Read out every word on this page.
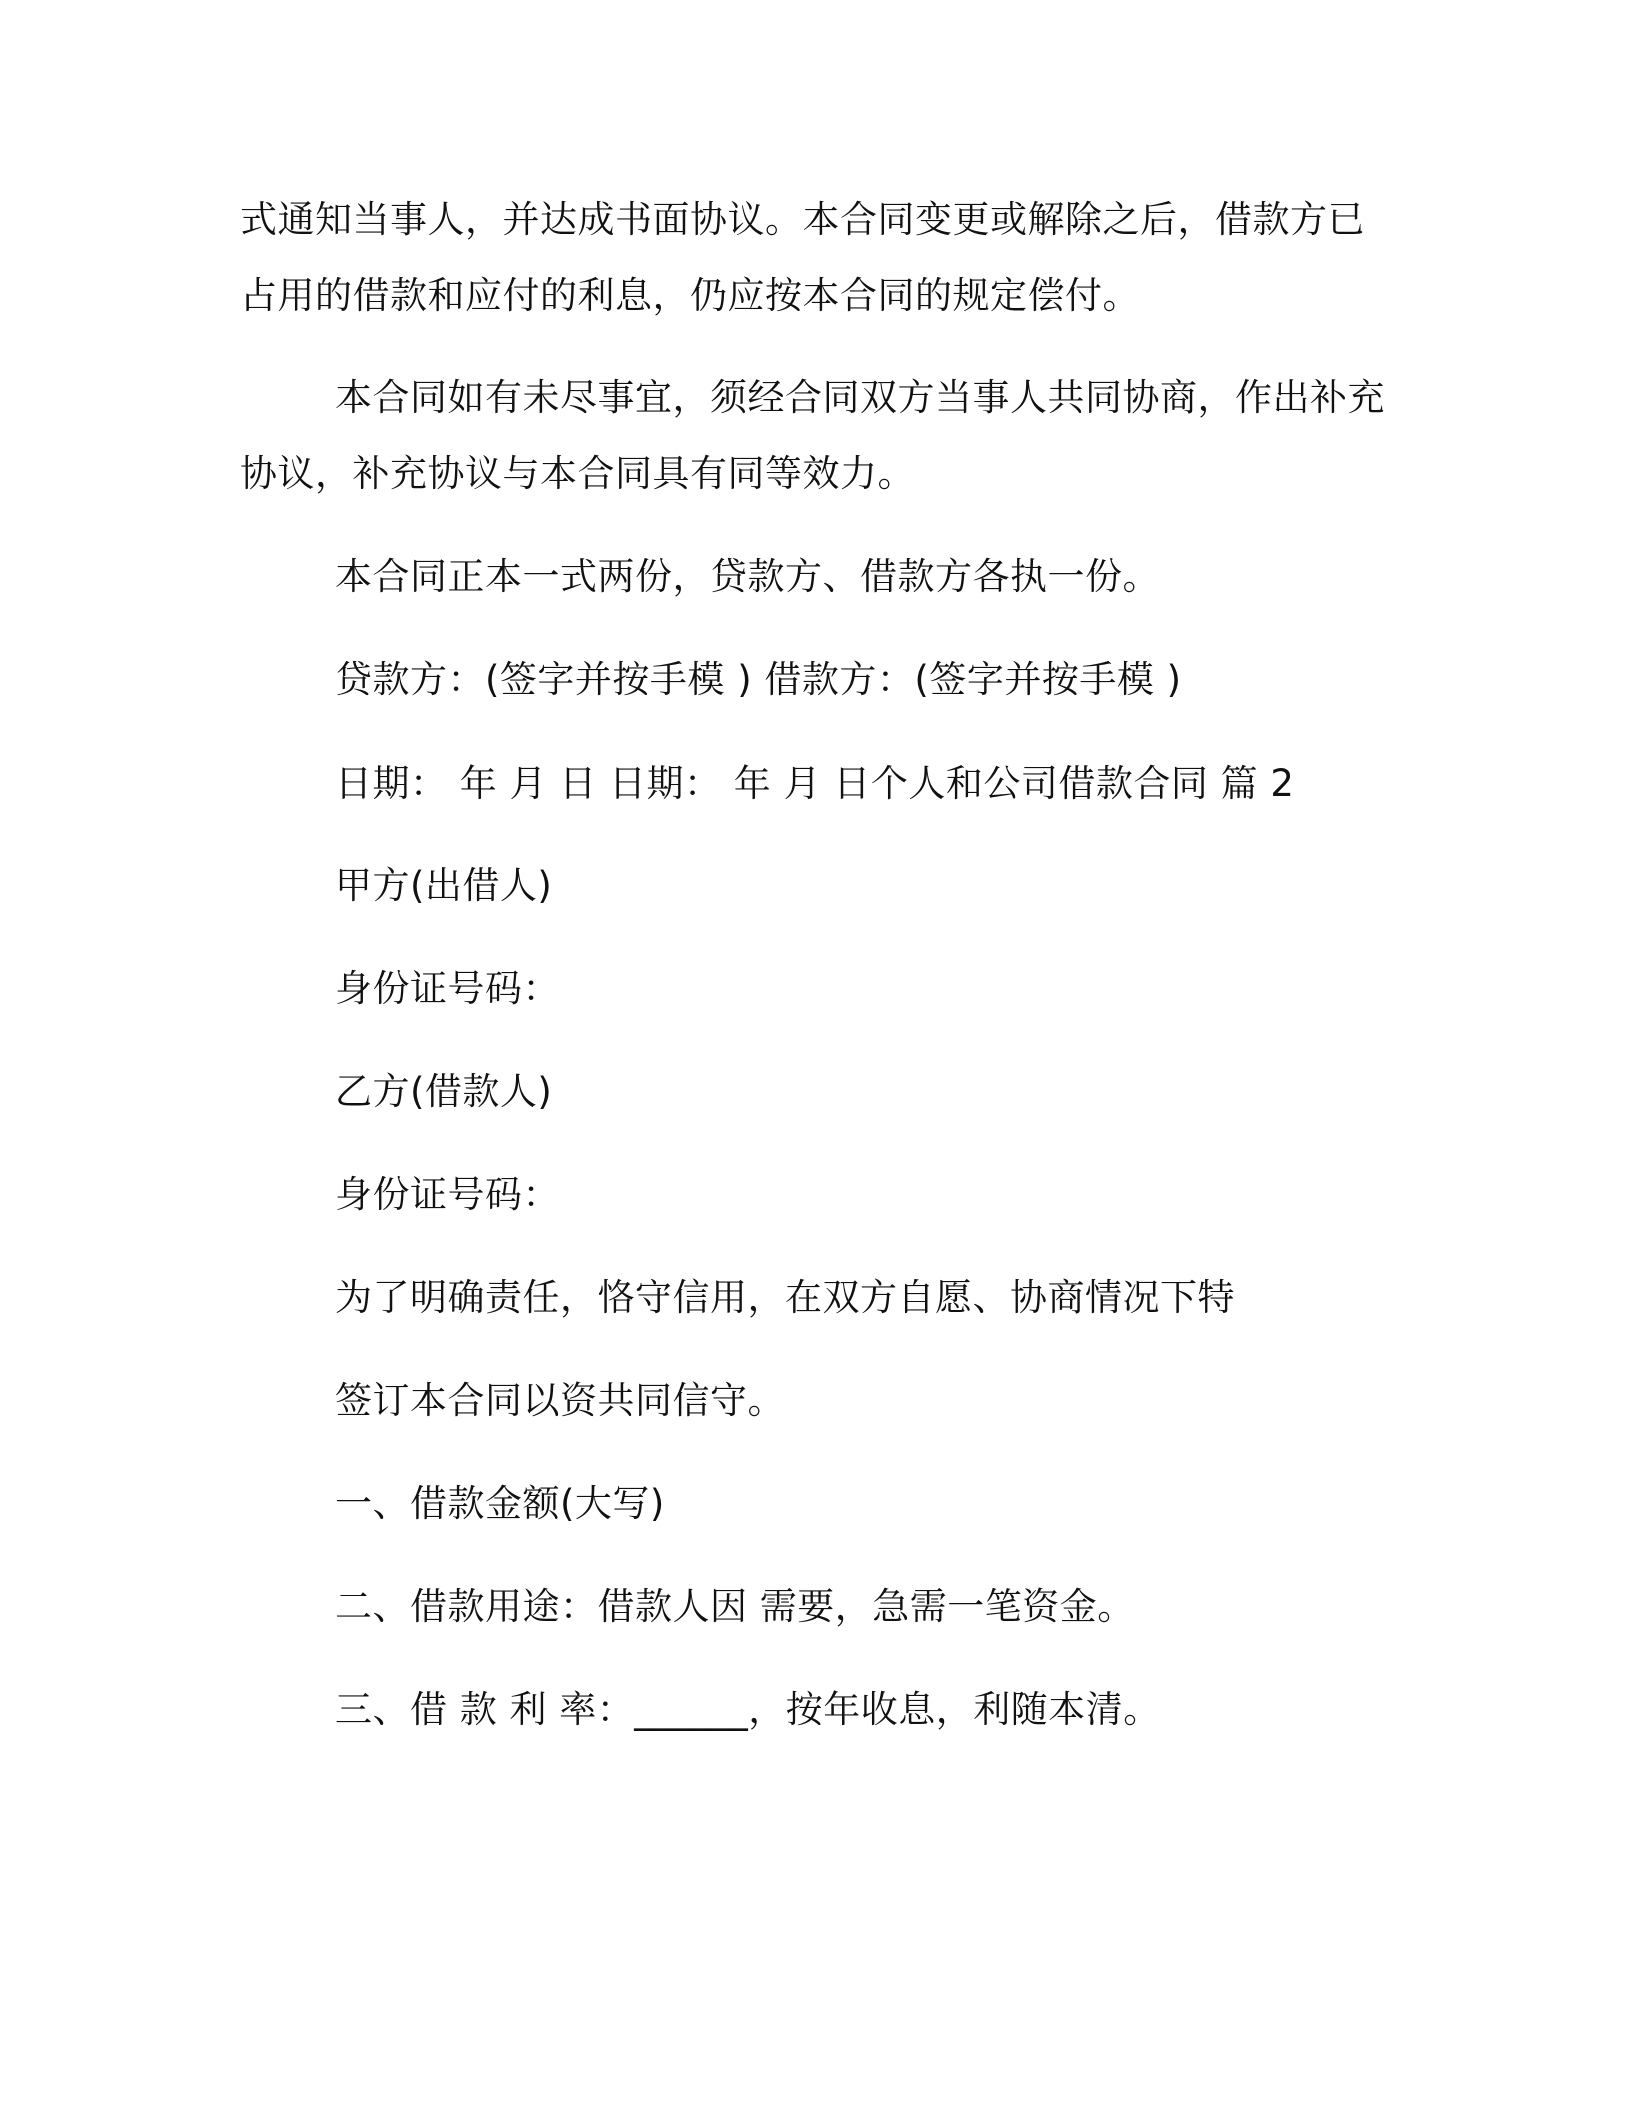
式通知当事人，并达成书面协议。本合同变更或解除之后，借款方已
占用的借款和应付的利息，仍应按本合同的规定偿付。
本合同如有未尽事宜，须经合同双方当事人共同协商，作出补充
协议，补充协议与本合同具有同等效力。
本合同正本一式两份，贷款方、借款方各执一份。
贷款方：(签字并按手模 ) 借款方：(签字并按手模 )
日期： 年 月 日 日期： 年 月 日个人和公司借款合同 篇 2
甲方(出借人)
身份证号码：
乙方(借款人)
身份证号码：
为了明确责任，恪守信用，在双方自愿、协商情况下特
签订本合同以资共同信守。
一、借款金额(大写)
二、借款用途：借款人因 需要，急需一笔资金。
三、借 款 利 率：______，按年收息，利随本清。
